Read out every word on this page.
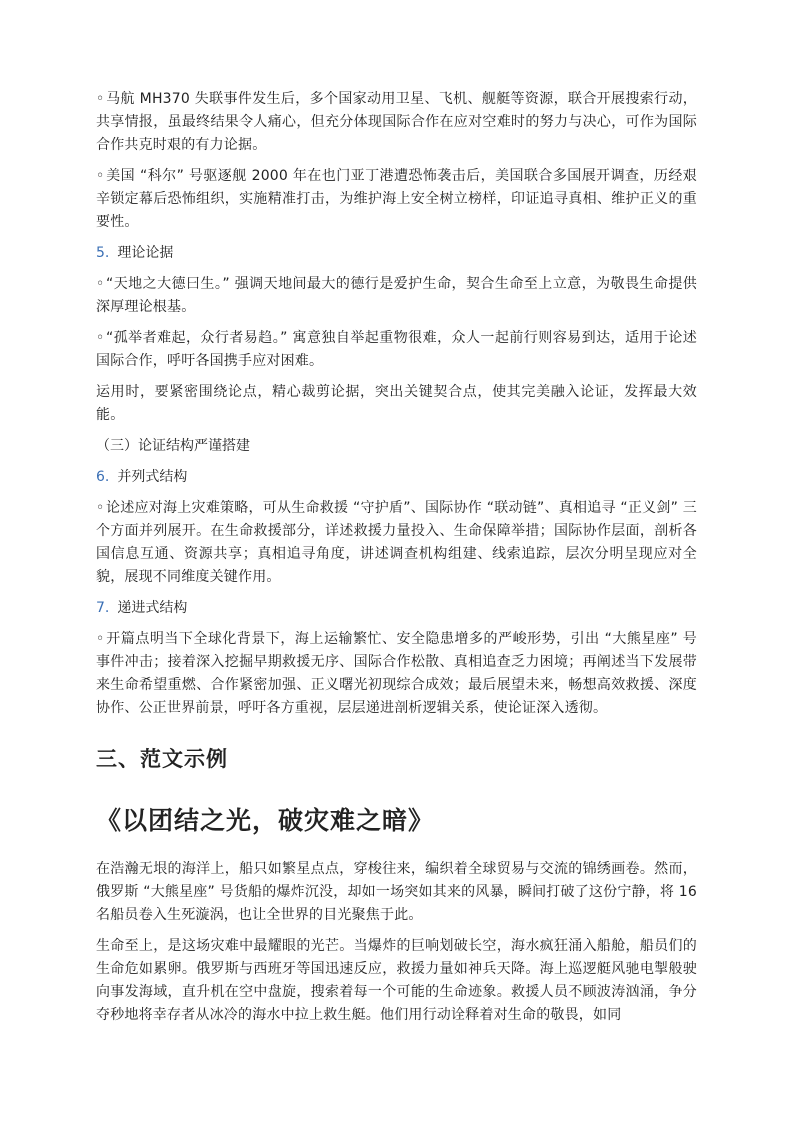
◦ 马航 MH370 失联事件发生后，多个国家动用卫星、飞机、舰艇等资源，联合开展搜索行动，共享情报，虽最终结果令人痛心，但充分体现国际合作在应对空难时的努力与决心，可作为国际合作共克时艰的有力论据。

◦ 美国 “科尔” 号驱逐舰 2000 年在也门亚丁港遭恐怖袭击后，美国联合多国展开调查，历经艰辛锁定幕后恐怖组织，实施精准打击，为维护海上安全树立榜样，印证追寻真相、维护正义的重要性。

5. 理论论据

◦ “天地之大德曰生。” 强调天地间最大的德行是爱护生命，契合生命至上立意，为敬畏生命提供深厚理论根基。

◦ “孤举者难起，众行者易趋。” 寓意独自举起重物很难，众人一起前行则容易到达，适用于论述国际合作，呼吁各国携手应对困难。

运用时，要紧密围绕论点，精心裁剪论据，突出关键契合点，使其完美融入论证，发挥最大效能。

（三）论证结构严谨搭建

6. 并列式结构

◦ 论述应对海上灾难策略，可从生命救援 “守护盾”、国际协作 “联动链”、真相追寻 “正义剑” 三个方面并列展开。在生命救援部分，详述救援力量投入、生命保障举措；国际协作层面，剖析各国信息互通、资源共享；真相追寻角度，讲述调查机构组建、线索追踪，层次分明呈现应对全貌，展现不同维度关键作用。

7. 递进式结构

◦ 开篇点明当下全球化背景下，海上运输繁忙、安全隐患增多的严峻形势，引出 “大熊星座” 号事件冲击；接着深入挖掘早期救援无序、国际合作松散、真相追查乏力困境；再阐述当下发展带来生命希望重燃、合作紧密加强、正义曙光初现综合成效；最后展望未来，畅想高效救援、深度协作、公正世界前景，呼吁各方重视，层层递进剖析逻辑关系，使论证深入透彻。

三、范文示例
《以团结之光，破灾难之暗》

在浩瀚无垠的海洋上，船只如繁星点点，穿梭往来，编织着全球贸易与交流的锦绣画卷。然而，俄罗斯 “大熊星座” 号货船的爆炸沉没，却如一场突如其来的风暴，瞬间打破了这份宁静，将 16 名船员卷入生死漩涡，也让全世界的目光聚焦于此。

生命至上，是这场灾难中最耀眼的光芒。当爆炸的巨响划破长空，海水疯狂涌入船舱，船员们的生命危如累卵。俄罗斯与西班牙等国迅速反应，救援力量如神兵天降。海上巡逻艇风驰电掣般驶向事发海域，直升机在空中盘旋，搜索着每一个可能的生命迹象。救援人员不顾波涛汹涌，争分夺秒地将幸存者从冰冷的海水中拉上救生艇。他们用行动诠释着对生命的敬畏，如同
